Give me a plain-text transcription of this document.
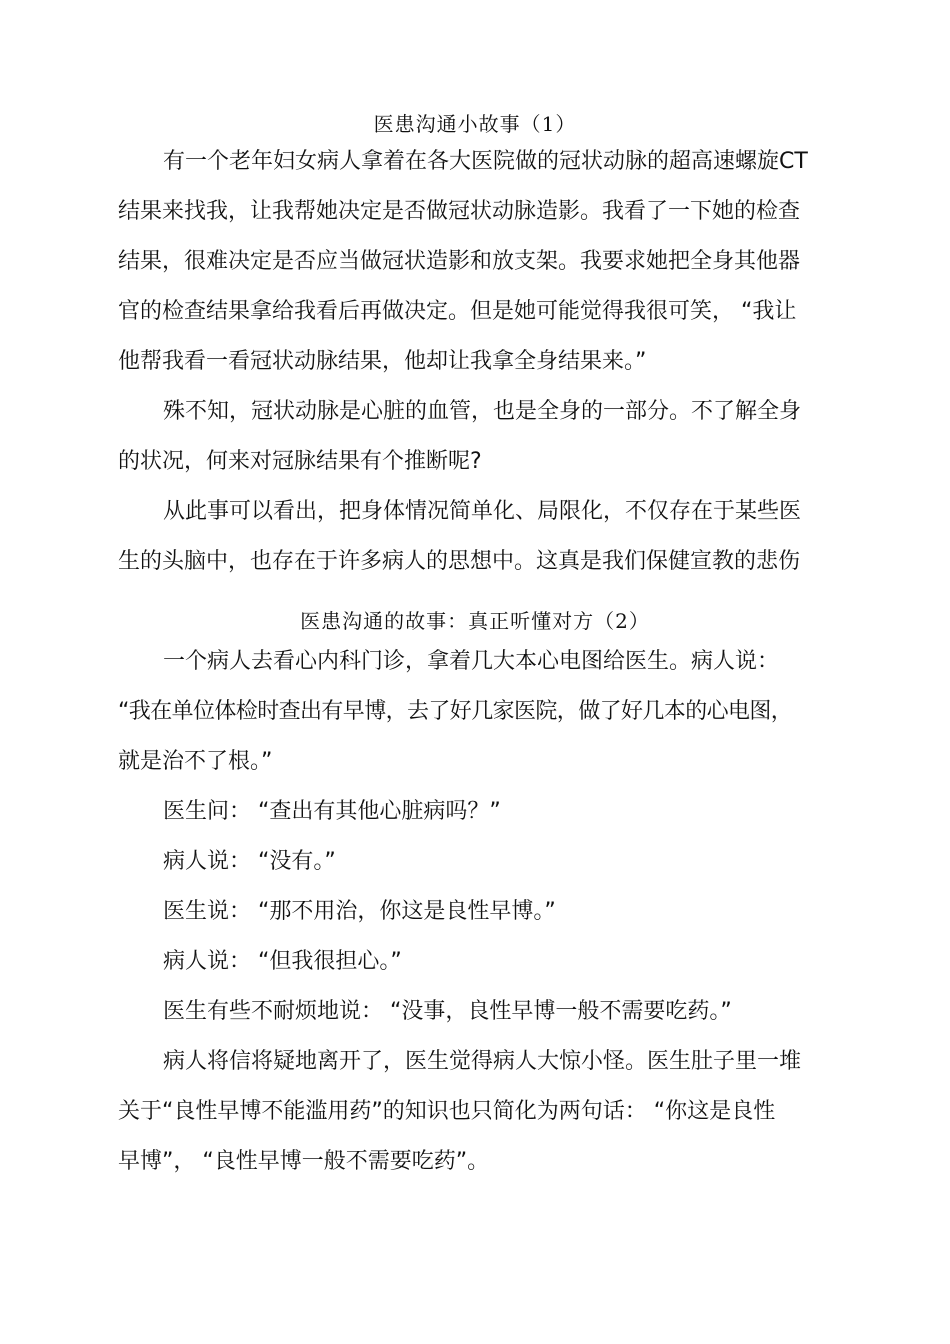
医患沟通小故事（1）
有一个老年妇女病人拿着在各大医院做的冠状动脉的超高速螺旋CT
结果来找我，让我帮她决定是否做冠状动脉造影。我看了一下她的检查
结果，很难决定是否应当做冠状造影和放支架。我要求她把全身其他器
官的检查结果拿给我看后再做决定。但是她可能觉得我很可笑， “我让
他帮我看一看冠状动脉结果，他却让我拿全身结果来。”
殊不知，冠状动脉是心脏的血管，也是全身的一部分。不了解全身
的状况，何来对冠脉结果有个推断呢?
从此事可以看出，把身体情况简单化、局限化，不仅存在于某些医
生的头脑中，也存在于许多病人的思想中。这真是我们保健宣教的悲伤
医患沟通的故事：真正听懂对方（2）
一个病人去看心内科门诊，拿着几大本心电图给医生。病人说：
“我在单位体检时查出有早博，去了好几家医院，做了好几本的心电图，
就是治不了根。”
医生问： “查出有其他心脏病吗？”
病人说： “没有。”
医生说： “那不用治，你这是良性早博。”
病人说： “但我很担心。”
医生有些不耐烦地说： “没事，良性早博一般不需要吃药。”
病人将信将疑地离开了，医生觉得病人大惊小怪。医生肚子里一堆
关于“良性早博不能滥用药”的知识也只简化为两句话： “你这是良性
早博”， “良性早博一般不需要吃药”。
